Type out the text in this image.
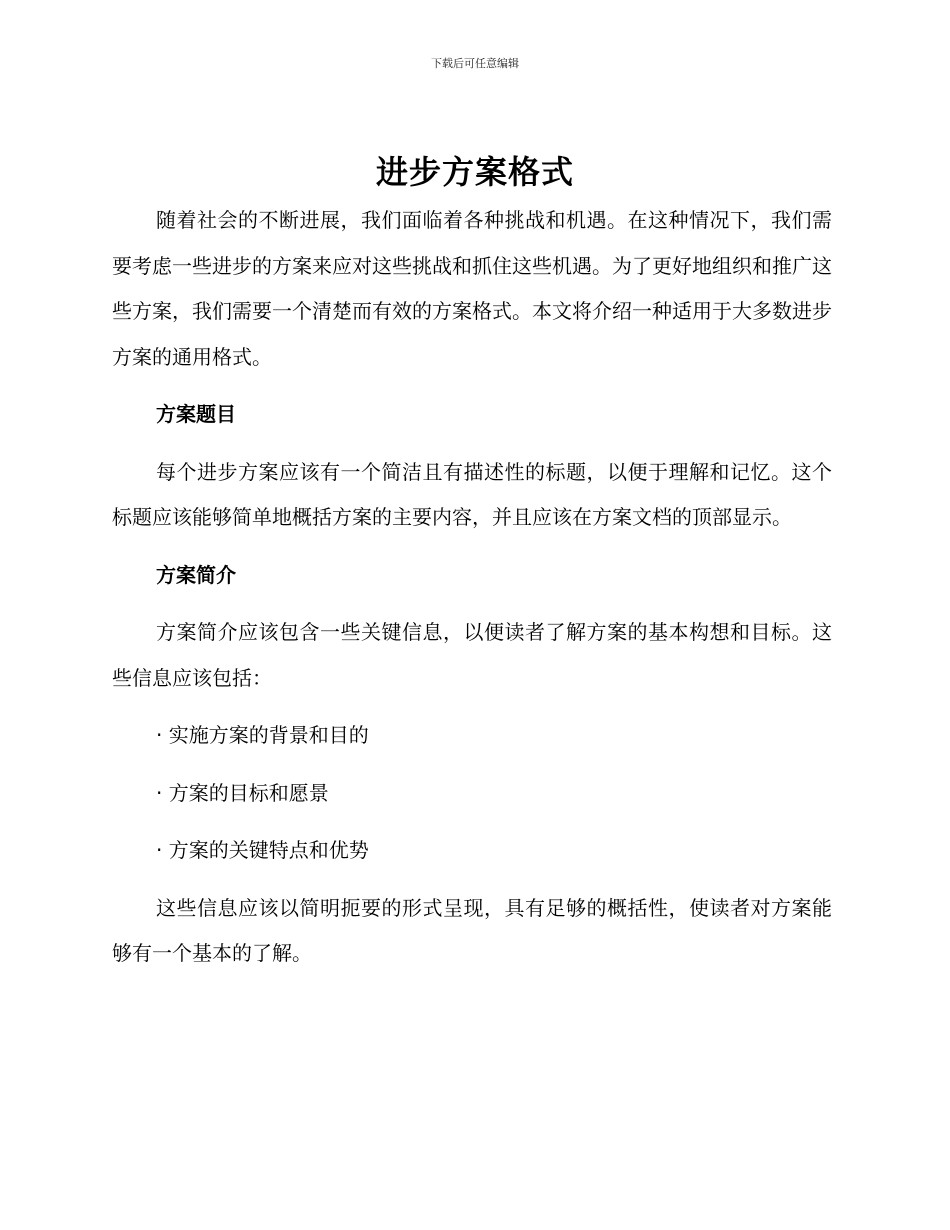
下载后可任意编辑
进步方案格式

随着社会的不断进展，我们面临着各种挑战和机遇。在这种情况下，我们需要考虑一些进步的方案来应对这些挑战和抓住这些机遇。为了更好地组织和推广这些方案，我们需要一个清楚而有效的方案格式。本文将介绍一种适用于大多数进步方案的通用格式。

方案题目

每个进步方案应该有一个简洁且有描述性的标题，以便于理解和记忆。这个标题应该能够简单地概括方案的主要内容，并且应该在方案文档的顶部显示。

方案简介

方案简介应该包含一些关键信息，以便读者了解方案的基本构想和目标。这些信息应该包括：

· 实施方案的背景和目的

· 方案的目标和愿景

· 方案的关键特点和优势

这些信息应该以简明扼要的形式呈现，具有足够的概括性，使读者对方案能够有一个基本的了解。
